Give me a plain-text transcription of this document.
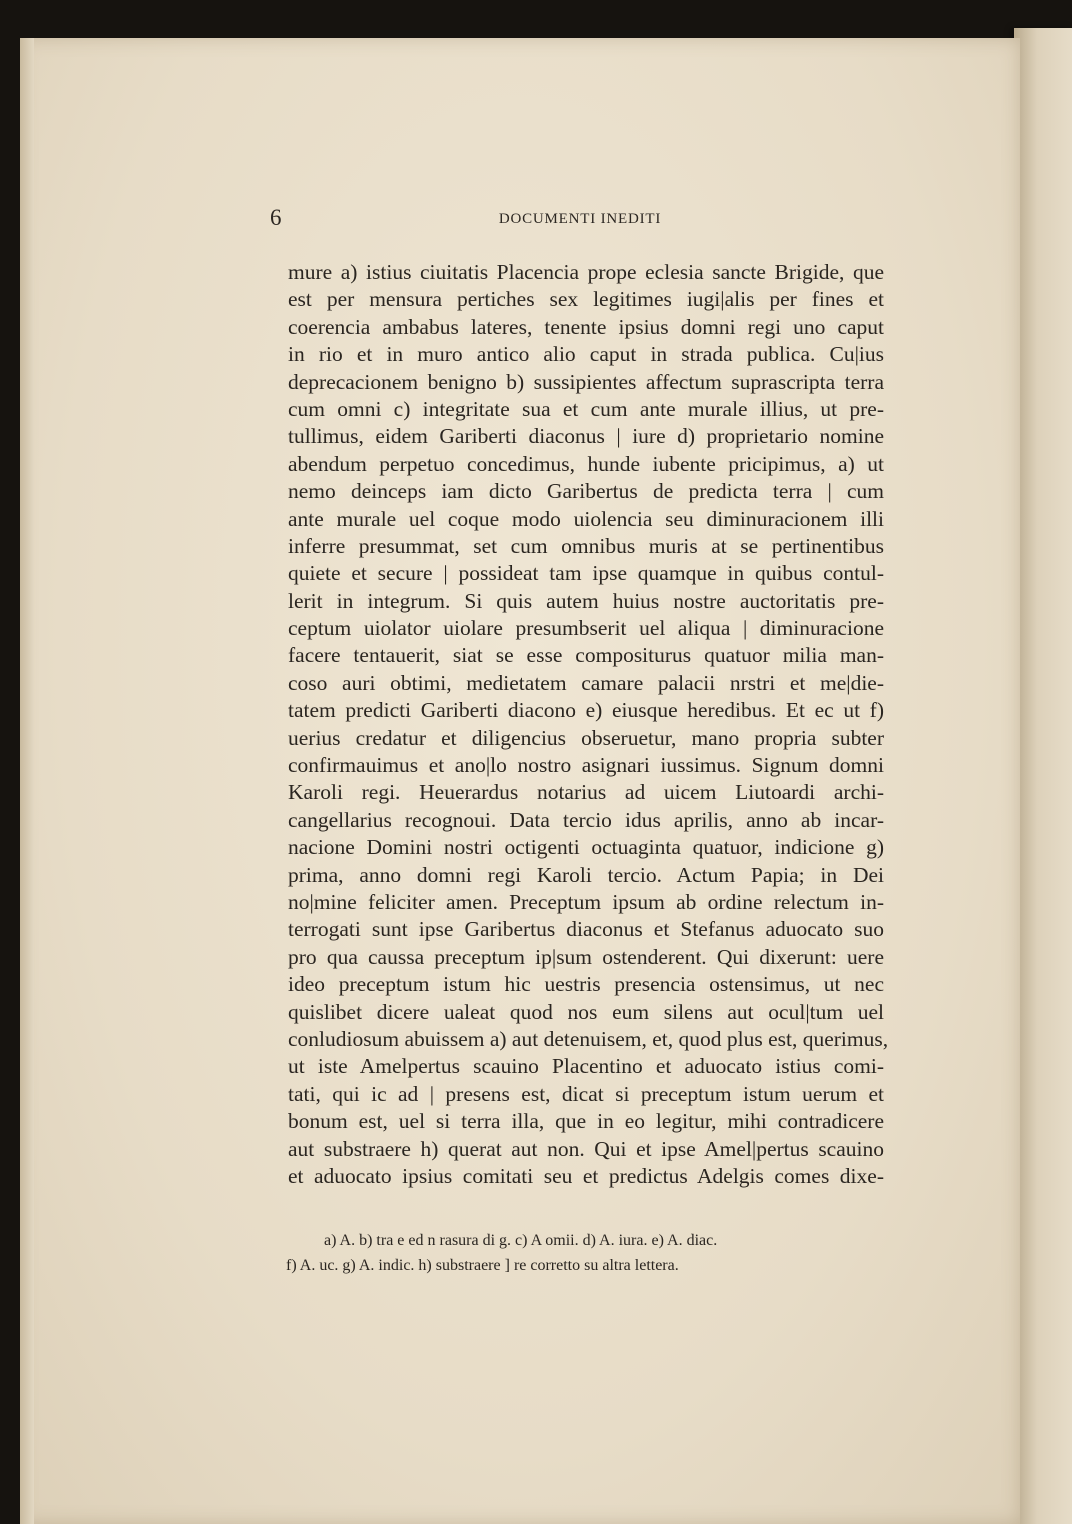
6	DOCUMENTI INEDITI
mure a) istius ciuitatis Placencia prope eclesia sancte Brigide, que
est per mensura pertiches sex legitimes iugi|alis per fines et
coerencia ambabus lateres, tenente ipsius domni regi uno caput
in rio et in muro antico alio caput in strada publica. Cu|ius
deprecacionem benigno b) sussipientes affectum suprascripta terra
cum omni c) integritate sua et cum ante murale illius, ut pre-
tullimus, eidem Gariberti diaconus | iure d) proprietario nomine
abendum perpetuo concedimus, hunde iubente pricipimus, a) ut
nemo deinceps iam dicto Garibertus de predicta terra | cum
ante murale uel coque modo uiolencia seu diminuracionem illi
inferre presummat, set cum omnibus muris at se pertinentibus
quiete et secure | possideat tam ipse quamque in quibus contul-
lerit in integrum. Si quis autem huius nostre auctoritatis pre-
ceptum uiolator uiolare presumbserit uel aliqua | diminuracione
facere tentauerit, siat se esse compositurus quatuor milia man-
coso auri obtimi, medietatem camare palacii nrstri et me|die-
tatem predicti Gariberti diacono e) eiusque heredibus. Et ec ut f)
uerius credatur et diligencius obseruetur, mano propria subter
confirmauimus et ano|lo nostro asignari iussimus. Signum domni
Karoli regi. Heuerardus notarius ad uicem Liutoardi archi-
cangellarius recognoui. Data tercio idus aprilis, anno ab incar-
nacione Domini nostri octigenti octuaginta quatuor, indicione g)
prima, anno domni regi Karoli tercio. Actum Papia; in Dei
no|mine feliciter amen. Preceptum ipsum ab ordine relectum in-
terrogati sunt ipse Garibertus diaconus et Stefanus aduocato suo
pro qua caussa preceptum ip|sum ostenderent. Qui dixerunt: uere
ideo preceptum istum hic uestris presencia ostensimus, ut nec
quislibet dicere ualeat quod nos eum silens aut ocul|tum uel
conludiosum abuissem a) aut detenuisem, et, quod plus est, querimus,
ut iste Amelpertus scauino Placentino et aduocato istius comi-
tati, qui ic ad | presens est, dicat si preceptum istum uerum et
bonum est, uel si terra illa, que in eo legitur, mihi contradicere
aut substraere h) querat aut non. Qui et ipse Amel|pertus scauino
et aduocato ipsius comitati seu et predictus Adelgis comes dixe-
a) A. b) tra e ed n rasura di g. c) A omii. d) A. iura. e) A. diac.
f) A. uc. g) A. indic. h) substraere ] re corretto su altra lettera.
